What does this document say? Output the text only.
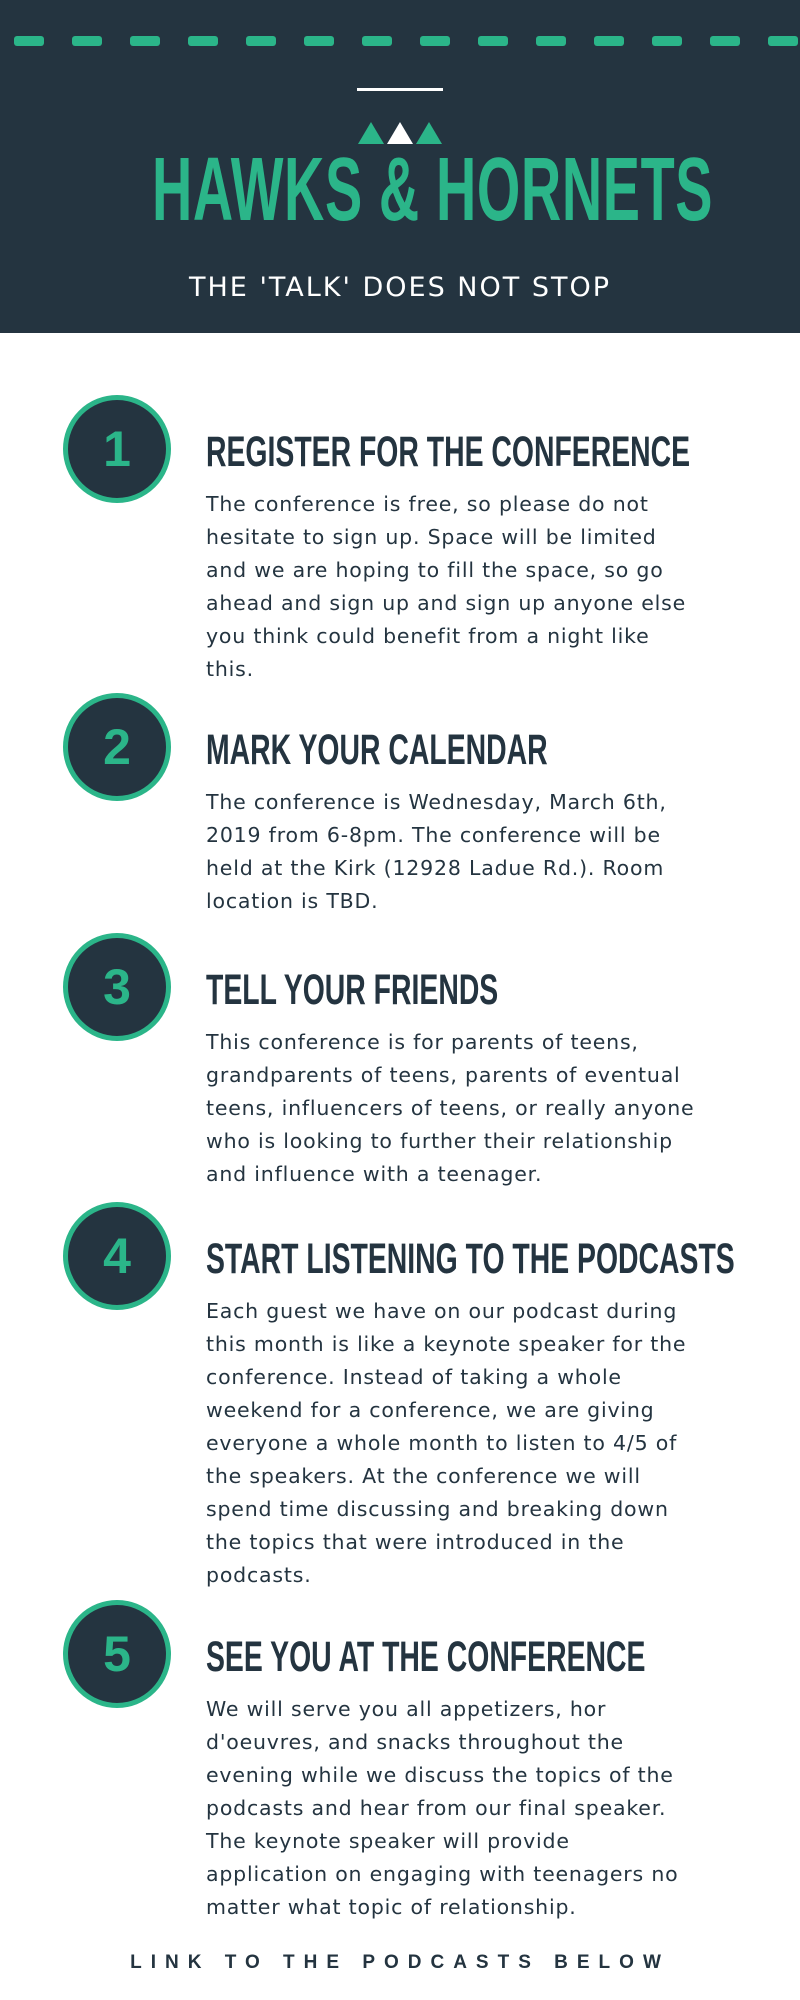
HAWKS & HORNETS
THE 'TALK' DOES NOT STOP
1	REGISTER FOR THE CONFERENCE
The conference is free, so please do not
hesitate to sign up. Space will be limited
and we are hoping to fill the space, so go
ahead and sign up and sign up anyone else
you think could benefit from a night like
this.
2	MARK YOUR CALENDAR
The conference is Wednesday, March 6th,
2019 from 6-8pm. The conference will be
held at the Kirk (12928 Ladue Rd.). Room
location is TBD.
3	TELL YOUR FRIENDS
This conference is for parents of teens,
grandparents of teens, parents of eventual
teens, influencers of teens, or really anyone
who is looking to further their relationship
and influence with a teenager.
4	START LISTENING TO THE PODCASTS
Each guest we have on our podcast during
this month is like a keynote speaker for the
conference. Instead of taking a whole
weekend for a conference, we are giving
everyone a whole month to listen to 4/5 of
the speakers. At the conference we will
spend time discussing and breaking down
the topics that were introduced in the
podcasts.
5	SEE YOU AT THE CONFERENCE
We will serve you all appetizers, hor
d'oeuvres, and snacks throughout the
evening while we discuss the topics of the
podcasts and hear from our final speaker.
The keynote speaker will provide
application on engaging with teenagers no
matter what topic of relationship.
LINK TO THE PODCASTS BELOW
